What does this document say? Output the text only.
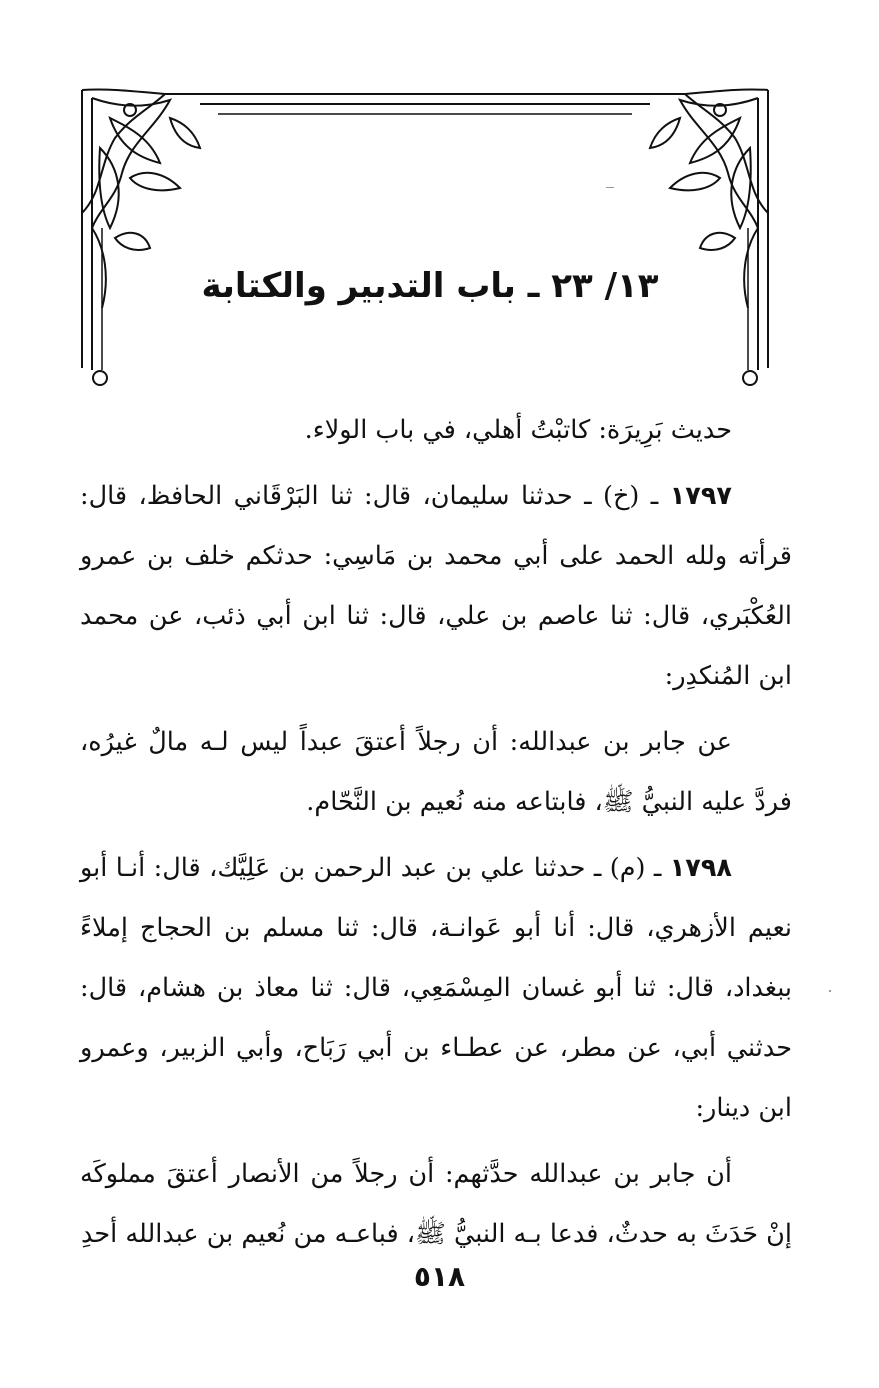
١٣/ ٢٣ ـ باب التدبير والكتابة

حديث بَرِيرَة: كاتبْتُ أهلي، في باب الولاء.

١٧٩٧ ـ (خ) ـ حدثنا سليمان، قال: ثنا البَرْقَاني الحافظ، قال: قرأته ولله الحمد على أبي محمد بن مَاسِي: حدثكم خلف بن عمرو العُكْبَري، قال: ثنا عاصم بن علي، قال: ثنا ابن أبي ذئب، عن محمد ابن المُنكدِر:

عن جابر بن عبدالله: أن رجلاً أعتقَ عبداً ليس لـه مالٌ غيرُه، فردَّ عليه النبيُّ ﷺ، فابتاعه منه نُعيم بن النَّحّام.

١٧٩٨ ـ (م) ـ حدثنا علي بن عبد الرحمن بن عَلِيَّك، قال: أنـا أبو نعيم الأزهري، قال: أنا أبو عَوانـة، قال: ثنا مسلم بن الحجاج إملاءً ببغداد، قال: ثنا أبو غسان المِسْمَعِي، قال: ثنا معاذ بن هشام، قال: حدثني أبي، عن مطر، عن عطـاء بن أبي رَبَاح، وأبي الزبير، وعمرو ابن دينار:

أن جابر بن عبدالله حدَّثهم: أن رجلاً من الأنصار أعتقَ مملوكَه إنْ حَدَثَ به حدثٌ، فدعا بـه النبيُّ ﷺ، فباعـه من نُعيم بن عبدالله أحدِ

٥١٨
